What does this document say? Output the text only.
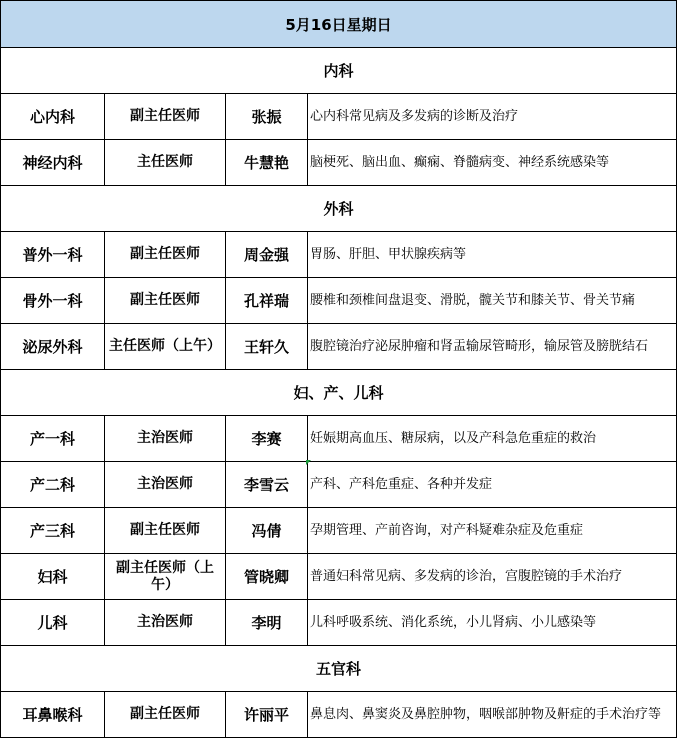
5月16日星期日			
内科			
心内科	副主任医师	张振	心内科常见病及多发病的诊断及治疗
神经内科	主任医师	牛慧艳	脑梗死、脑出血、癫痫、脊髓病变、神经系统感染等
外科			
普外一科	副主任医师	周金强	胃肠、肝胆、甲状腺疾病等
骨外一科	副主任医师	孔祥瑞	腰椎和颈椎间盘退变、滑脱，髋关节和膝关节、骨关节痛
泌尿外科	主任医师（上午）	王轩久	腹腔镜治疗泌尿肿瘤和肾盂输尿管畸形，输尿管及膀胱结石
妇、产、儿科			
产一科	主治医师	李赛	妊娠期高血压、糖尿病，以及产科急危重症的救治
产二科	主治医师	李雪云	产科、产科危重症、各种并发症
产三科	副主任医师	冯倩	孕期管理、产前咨询，对产科疑难杂症及危重症
妇科	副主任医师（上午）	管晓卿	普通妇科常见病、多发病的诊治，宫腹腔镜的手术治疗
儿科	主治医师	李明	儿科呼吸系统、消化系统，小儿肾病、小儿感染等
五官科			
耳鼻喉科	副主任医师	许丽平	鼻息肉、鼻窦炎及鼻腔肿物，咽喉部肿物及鼾症的手术治疗等
